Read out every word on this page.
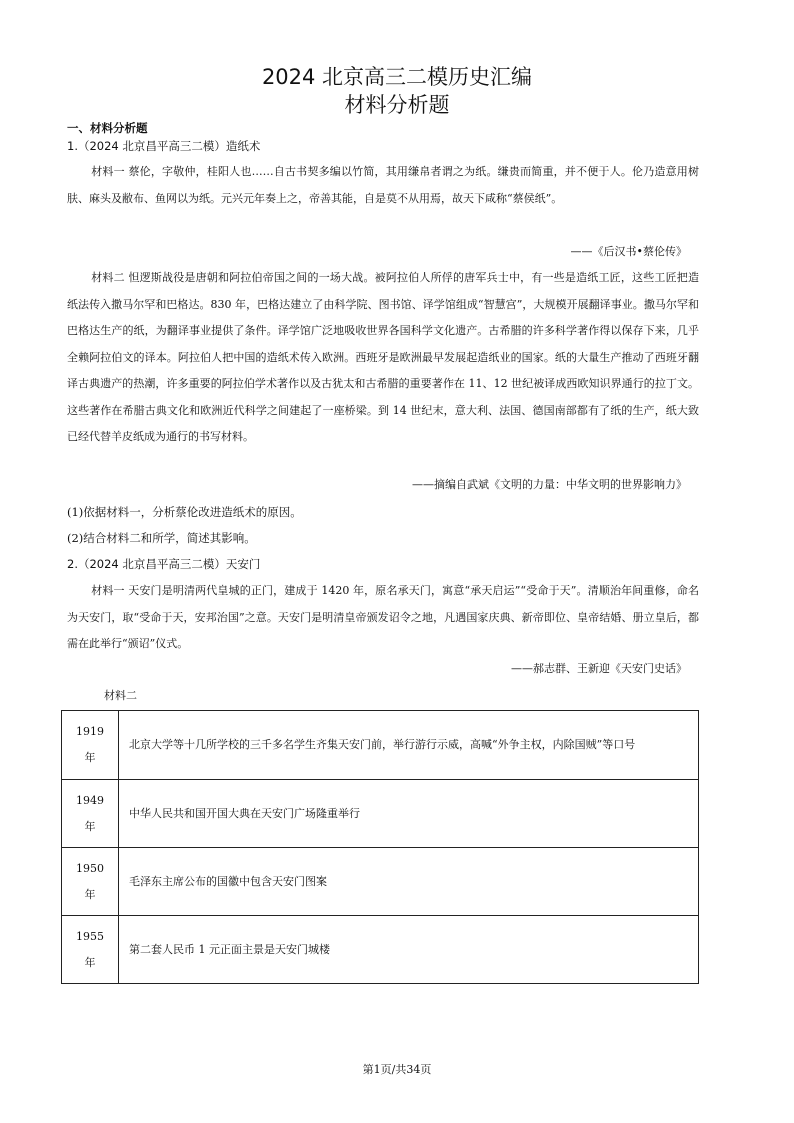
2024 北京高三二模历史汇编
材料分析题
一、材料分析题
1.（2024 北京昌平高三二模）造纸术

材料一 蔡伦，字敬仲，桂阳人也……自古书契多编以竹简，其用缣帛者谓之为纸。缣贵而简重，并不便于人。伦乃造意用树肤、麻头及敝布、鱼网以为纸。元兴元年奏上之，帝善其能，自是莫不从用焉，故天下咸称“蔡侯纸”。

——《后汉书•蔡伦传》

材料二 怛逻斯战役是唐朝和阿拉伯帝国之间的一场大战。被阿拉伯人所俘的唐军兵士中，有一些是造纸工匠，这些工匠把造纸法传入撒马尔罕和巴格达。830 年，巴格达建立了由科学院、图书馆、译学馆组成“智慧宫”，大规模开展翻译事业。撒马尔罕和巴格达生产的纸，为翻译事业提供了条件。译学馆广泛地吸收世界各国科学文化遗产。古希腊的许多科学著作得以保存下来，几乎全赖阿拉伯文的译本。阿拉伯人把中国的造纸术传入欧洲。西班牙是欧洲最早发展起造纸业的国家。纸的大量生产推动了西班牙翻译古典遗产的热潮，许多重要的阿拉伯学术著作以及古犹太和古希腊的重要著作在 11、12 世纪被译成西欧知识界通行的拉丁文。这些著作在希腊古典文化和欧洲近代科学之间建起了一座桥梁。到 14 世纪末，意大利、法国、德国南部都有了纸的生产，纸大致已经代替羊皮纸成为通行的书写材料。

——摘编自武斌《文明的力量：中华文明的世界影响力》
(1)依据材料一，分析蔡伦改进造纸术的原因。
(2)结合材料二和所学，简述其影响。
2.（2024 北京昌平高三二模）天安门

材料一 天安门是明清两代皇城的正门，建成于 1420 年，原名承天门，寓意“承天启运”“受命于天”。清顺治年间重修，命名为天安门，取“受命于天，安邦治国”之意。天安门是明清皇帝颁发诏令之地，凡遇国家庆典、新帝即位、皇帝结婚、册立皇后，都需在此举行“颁诏”仪式。

——郝志群、王新迎《天安门史话》
材料二
1919
年	北京大学等十几所学校的三千多名学生齐集天安门前，举行游行示威，高喊“外争主权，内除国贼”等口号
1949
年	中华人民共和国开国大典在天安门广场隆重举行
1950
年	毛泽东主席公布的国徽中包含天安门图案
1955
年	第二套人民币 1 元正面主景是天安门城楼
第1页/共34页
